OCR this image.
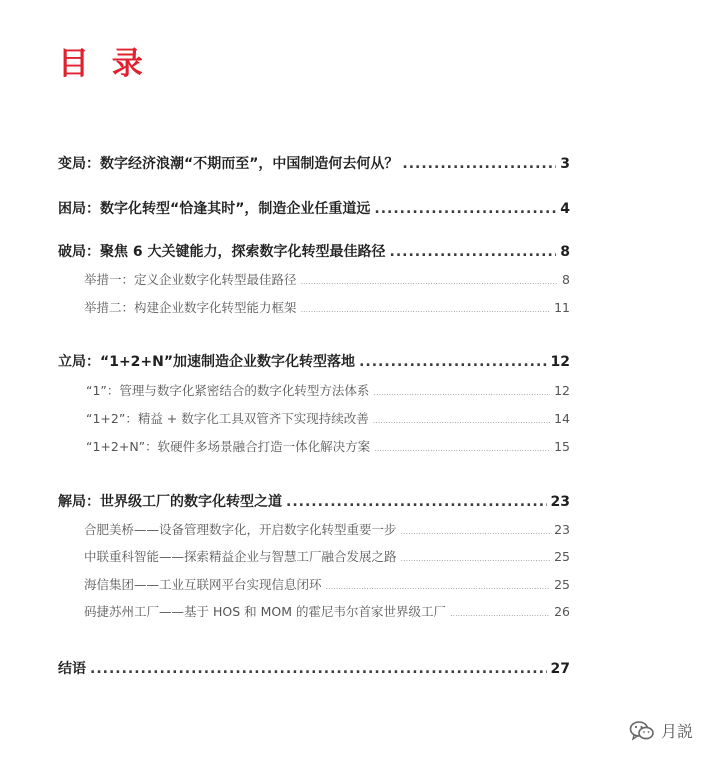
目 录
变局：数字经济浪潮“不期而至”，中国制造何去何从？ .....	3
困局：数字化转型“恰逢其时”，制造企业任重道远 .....	4
破局：聚焦 6 大关键能力，探索数字化转型最佳路径 .....	8
举措一：定义企业数字化转型最佳路径 .....	8
举措二：构建企业数字化转型能力框架 .....	11
立局：“1+2+N”加速制造企业数字化转型落地 .....	12
“1”：管理与数字化紧密结合的数字化转型方法体系 .....	12
“1+2”：精益 + 数字化工具双管齐下实现持续改善 .....	14
“1+2+N”：软硬件多场景融合打造一体化解决方案 .....	15
解局：世界级工厂的数字化转型之道 .....	23
合肥美桥——设备管理数字化，开启数字化转型重要一步 .....	23
中联重科智能——探索精益企业与智慧工厂融合发展之路 .....	25
海信集团——工业互联网平台实现信息闭环 .....	25
码捷苏州工厂——基于 HOS 和 MOM 的霍尼韦尔首家世界级工厂 .....	26
结语 .....	27
月説
